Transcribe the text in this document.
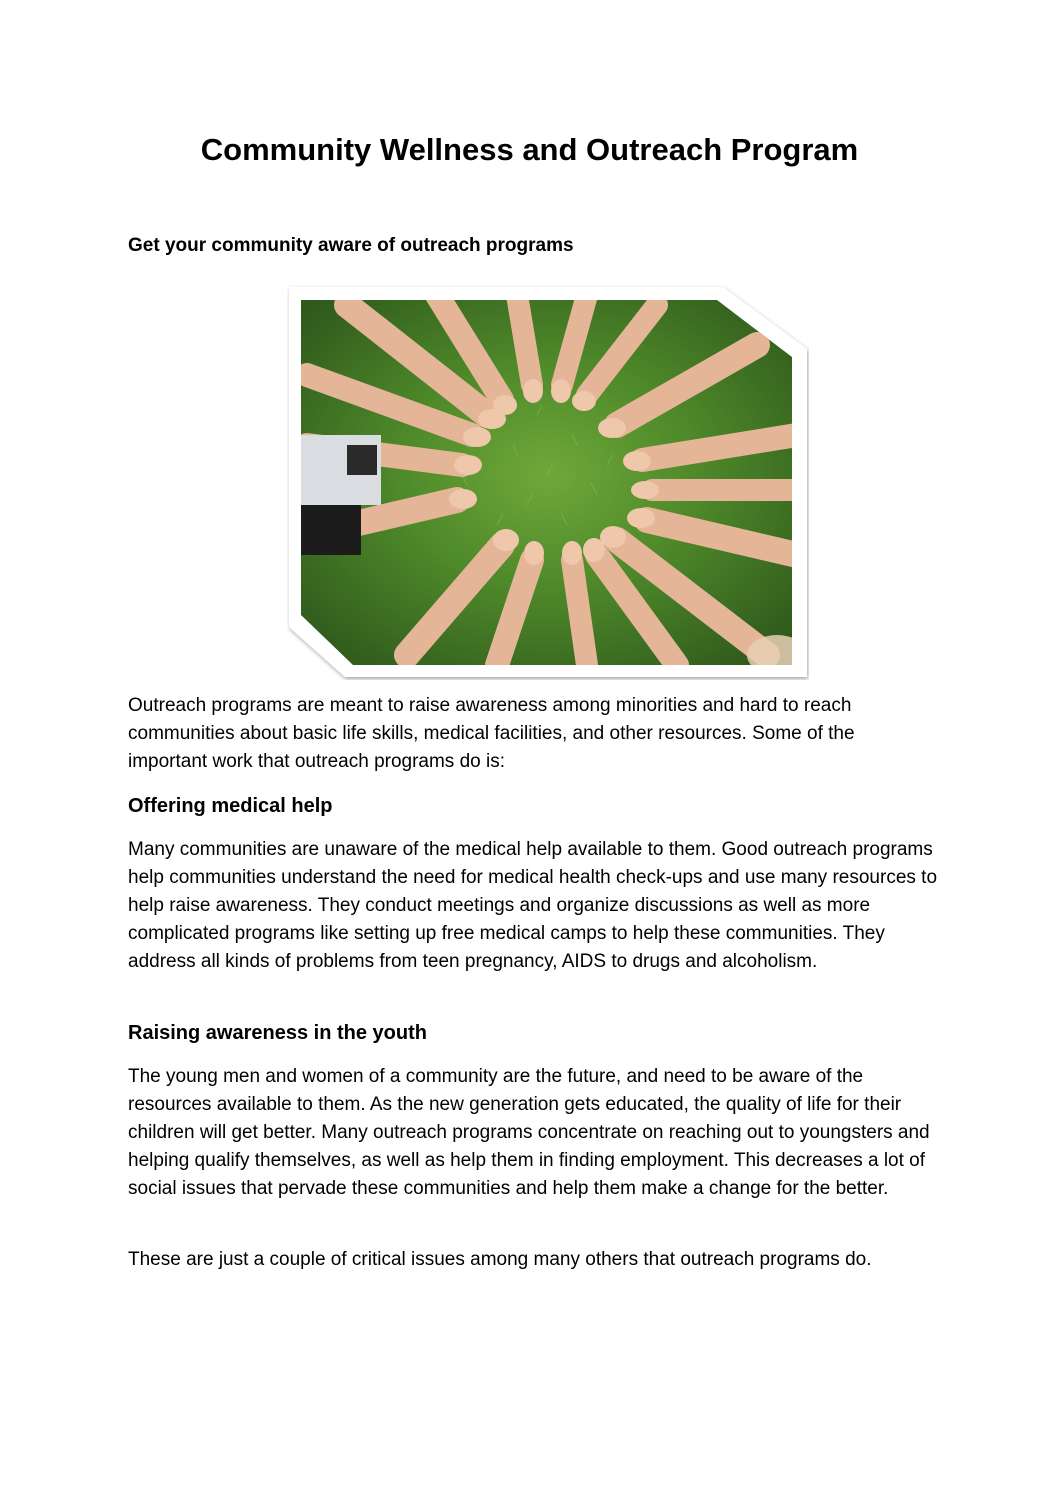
Community Wellness and Outreach Program
Get your community aware of outreach programs

Outreach programs are meant to raise awareness among minorities and hard to reach communities about basic life skills, medical facilities, and other resources. Some of the important work that outreach programs do is:

Offering medical help

Many communities are unaware of the medical help available to them. Good outreach programs help communities understand the need for medical health check-ups and use many resources to help raise awareness. They conduct meetings and organize discussions as well as more complicated programs like setting up free medical camps to help these communities. They address all kinds of problems from teen pregnancy, AIDS to drugs and alcoholism.

Raising awareness in the youth

The young men and women of a community are the future, and need to be aware of the resources available to them. As the new generation gets educated, the quality of life for their children will get better. Many outreach programs concentrate on reaching out to youngsters and helping qualify themselves, as well as help them in finding employment. This decreases a lot of social issues that pervade these communities and help them make a change for the better.

These are just a couple of critical issues among many others that outreach programs do.
